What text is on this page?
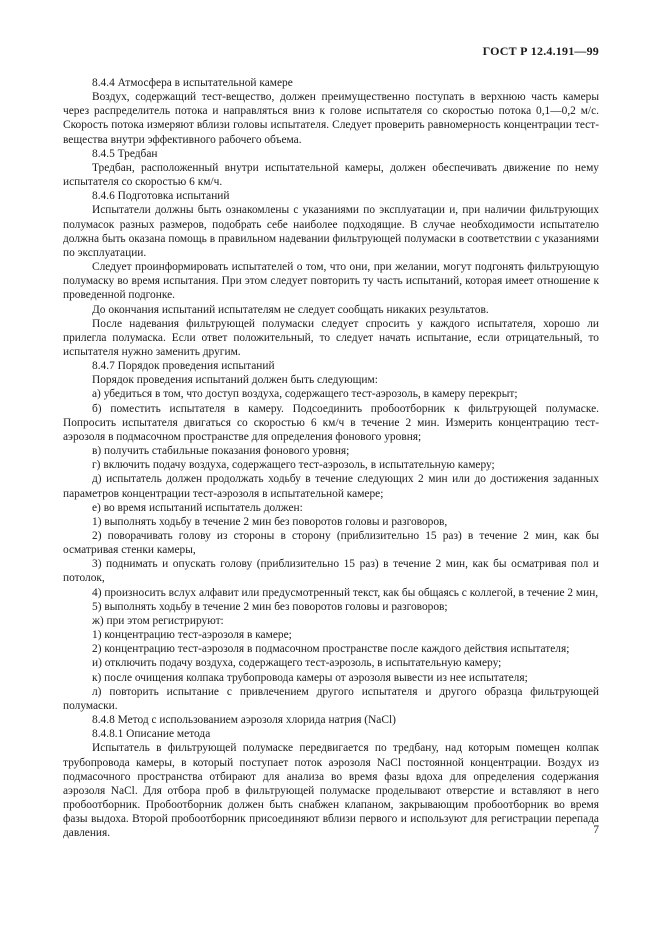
ГОСТ Р 12.4.191—99

8.4.4 Атмосфера в испытательной камере

Воздух, содержащий тест-вещество, должен преимущественно поступать в верхнюю часть камеры через распределитель потока и направляться вниз к голове испытателя со скоростью потока 0,1—0,2 м/с. Скорость потока измеряют вблизи головы испытателя. Следует проверить равномерность концентрации тест-вещества внутри эффективного рабочего объема.

8.4.5 Тредбан

Тредбан, расположенный внутри испытательной камеры, должен обеспечивать движение по нему испытателя со скоростью 6 км/ч.

8.4.6 Подготовка испытаний

Испытатели должны быть ознакомлены с указаниями по эксплуатации и, при наличии фильтрующих полумасок разных размеров, подобрать себе наиболее подходящие. В случае необходимости испытателю должна быть оказана помощь в правильном надевании фильтрующей полумаски в соответствии с указаниями по эксплуатации.

Следует проинформировать испытателей о том, что они, при желании, могут подгонять фильтрующую полумаску во время испытания. При этом следует повторить ту часть испытаний, которая имеет отношение к проведенной подгонке.

До окончания испытаний испытателям не следует сообщать никаких результатов.

После надевания фильтрующей полумаски следует спросить у каждого испытателя, хорошо ли прилегла полумаска. Если ответ положительный, то следует начать испытание, если отрицательный, то испытателя нужно заменить другим.

8.4.7 Порядок проведения испытаний

Порядок проведения испытаний должен быть следующим:

а) убедиться в том, что доступ воздуха, содержащего тест-аэрозоль, в камеру перекрыт;

б) поместить испытателя в камеру. Подсоединить пробоотборник к фильтрующей полумаске. Попросить испытателя двигаться со скоростью 6 км/ч в течение 2 мин. Измерить концентрацию тест-аэрозоля в подмасочном пространстве для определения фонового уровня;

в) получить стабильные показания фонового уровня;

г) включить подачу воздуха, содержащего тест-аэрозоль, в испытательную камеру;

д) испытатель должен продолжать ходьбу в течение следующих 2 мин или до достижения заданных параметров концентрации тест-аэрозоля в испытательной камере;

е) во время испытаний испытатель должен:

1) выполнять ходьбу в течение 2 мин без поворотов головы и разговоров,

2) поворачивать голову из стороны в сторону (приблизительно 15 раз) в течение 2 мин, как бы осматривая стенки камеры,

3) поднимать и опускать голову (приблизительно 15 раз) в течение 2 мин, как бы осматривая пол и потолок,

4) произносить вслух алфавит или предусмотренный текст, как бы общаясь с коллегой, в течение 2 мин,

5) выполнять ходьбу в течение 2 мин без поворотов головы и разговоров;

ж) при этом регистрируют:

1) концентрацию тест-аэрозоля в камере;

2) концентрацию тест-аэрозоля в подмасочном пространстве после каждого действия испытателя;

и) отключить подачу воздуха, содержащего тест-аэрозоль, в испытательную камеру;

к) после очищения колпака трубопровода камеры от аэрозоля вывести из нее испытателя;

л) повторить испытание с привлечением другого испытателя и другого образца фильтрующей полумаски.

8.4.8 Метод с использованием аэрозоля хлорида натрия (NaCl)

8.4.8.1 Описание метода

Испытатель в фильтрующей полумаске передвигается по тредбану, над которым помещен колпак трубопровода камеры, в который поступает поток аэрозоля NaCl постоянной концентрации. Воздух из подмасочного пространства отбирают для анализа во время фазы вдоха для определения содержания аэрозоля NaCl. Для отбора проб в фильтрующей полумаске проделывают отверстие и вставляют в него пробоотборник. Пробоотборник должен быть снабжен клапаном, закрывающим пробоотборник во время фазы выдоха. Второй пробоотборник присоединяют вблизи первого и используют для регистрации перепада давления.	7
